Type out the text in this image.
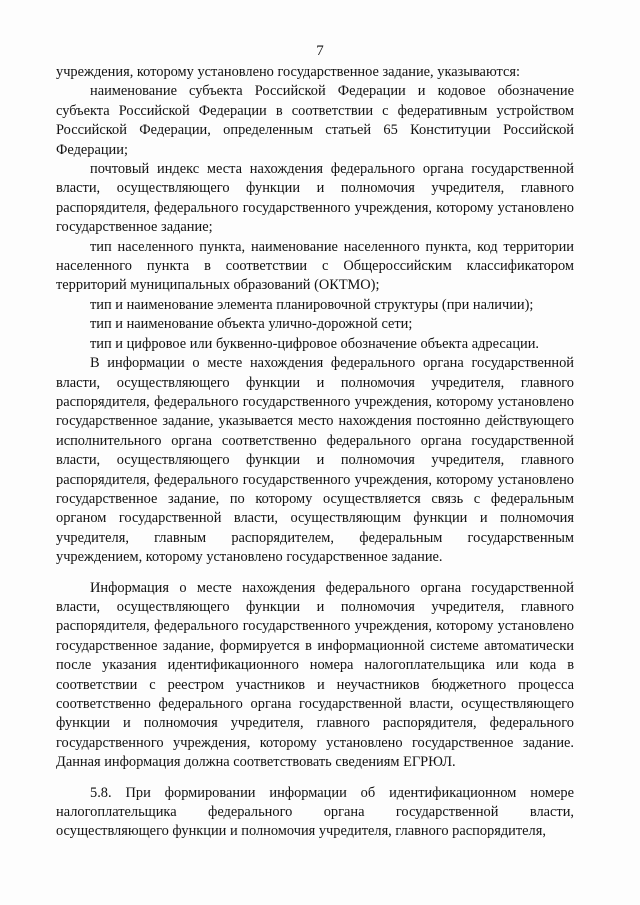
7

учреждения, которому установлено государственное задание, указываются:

наименование субъекта Российской Федерации и кодовое обозначение субъекта Российской Федерации в соответствии с федеративным устройством Российской Федерации, определенным статьей 65 Конституции Российской Федерации;

почтовый индекс места нахождения федерального органа государственной власти, осуществляющего функции и полномочия учредителя, главного распорядителя, федерального государственного учреждения, которому установлено государственное задание;

тип населенного пункта, наименование населенного пункта, код территории населенного пункта в соответствии с Общероссийским классификатором территорий муниципальных образований (ОКТМО);

тип и наименование элемента планировочной структуры (при наличии);

тип и наименование объекта улично-дорожной сети;

тип и цифровое или буквенно-цифровое обозначение объекта адресации.

В информации о месте нахождения федерального органа государственной власти, осуществляющего функции и полномочия учредителя, главного распорядителя, федерального государственного учреждения, которому установлено государственное задание, указывается место нахождения постоянно действующего исполнительного органа соответственно федерального органа государственной власти, осуществляющего функции и полномочия учредителя, главного распорядителя, федерального государственного учреждения, которому установлено государственное задание, по которому осуществляется связь с федеральным органом государственной власти, осуществляющим функции и полномочия учредителя, главным распорядителем, федеральным государственным учреждением, которому установлено государственное задание.

Информация о месте нахождения федерального органа государственной власти, осуществляющего функции и полномочия учредителя, главного распорядителя, федерального государственного учреждения, которому установлено государственное задание, формируется в информационной системе автоматически после указания идентификационного номера налогоплательщика или кода в соответствии с реестром участников и неучастников бюджетного процесса соответственно федерального органа государственной власти, осуществляющего функции и полномочия учредителя, главного распорядителя, федерального государственного учреждения, которому установлено государственное задание. Данная информация должна соответствовать сведениям ЕГРЮЛ.

5.8. При формировании информации об идентификационном номере налогоплательщика федерального органа государственной власти, осуществляющего функции и полномочия учредителя, главного распорядителя,
